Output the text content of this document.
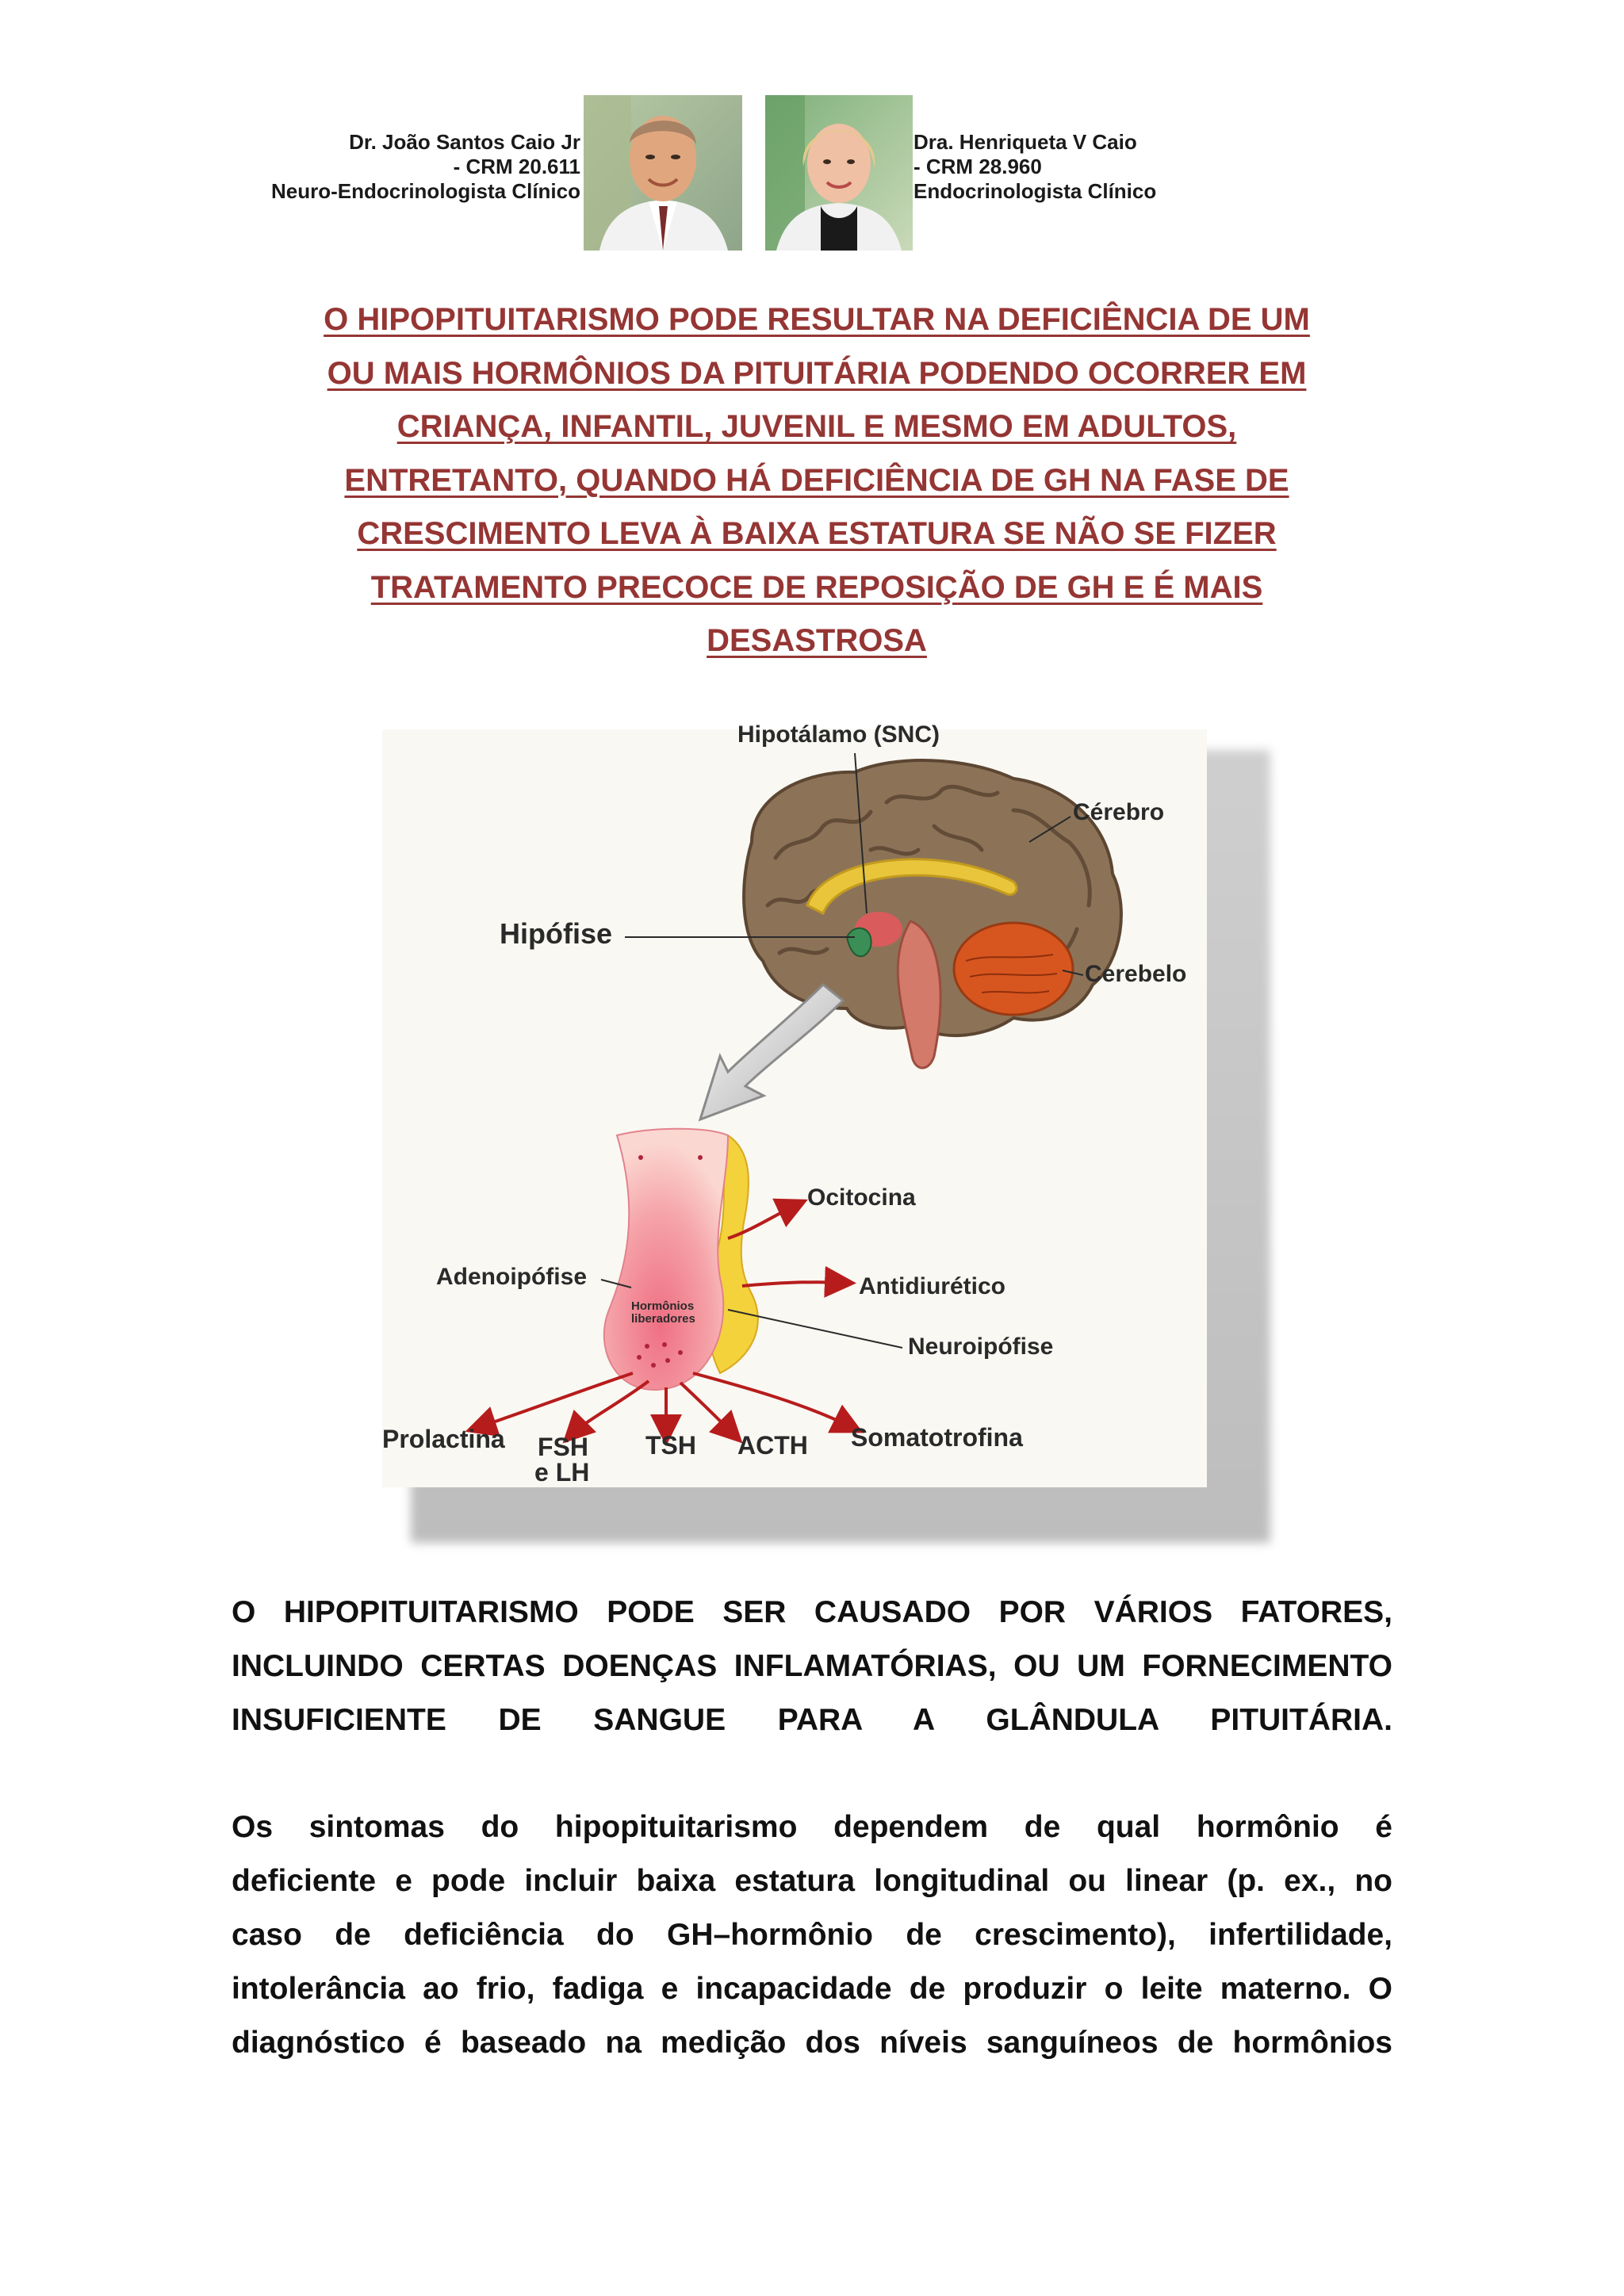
Dr. João Santos Caio Jr
- CRM 20.611
Neuro-Endocrinologista Clínico
Dra. Henriqueta V Caio
- CRM 28.960
Endocrinologista Clínico
O HIPOPITUITARISMO PODE RESULTAR NA DEFICIÊNCIA DE UM
OU MAIS HORMÔNIOS DA PITUITÁRIA PODENDO OCORRER EM
CRIANÇA, INFANTIL, JUVENIL E MESMO EM ADULTOS,
ENTRETANTO, QUANDO HÁ DEFICIÊNCIA DE GH NA FASE DE
CRESCIMENTO LEVA À BAIXA ESTATURA SE NÃO SE FIZER
TRATAMENTO PRECOCE DE REPOSIÇÃO DE GH E É MAIS
DESASTROSA
Hipotálamo (SNC)
Cérebro
Hipófise
Cerebelo
Hormônios
liberadores
Ocitocina
Adenoipófise	Antidiurético
Neuroipófise
Prolactina FSH
e LH
TSH ACTH Somatotrofina
O HIPOPITUITARISMO PODE SER CAUSADO POR VÁRIOS FATORES,
INCLUINDO CERTAS DOENÇAS INFLAMATÓRIAS, OU UM FORNECIMENTO
INSUFICIENTE DE SANGUE PARA A GLÂNDULA PITUITÁRIA.
Os sintomas do hipopituitarismo dependem de qual hormônio é
deficiente e pode incluir baixa estatura longitudinal ou linear (p. ex., no
caso de deficiência do GH–hormônio de crescimento), infertilidade,
intolerância ao frio, fadiga e incapacidade de produzir o leite materno. O
diagnóstico é baseado na medição dos níveis sanguíneos de hormônios
